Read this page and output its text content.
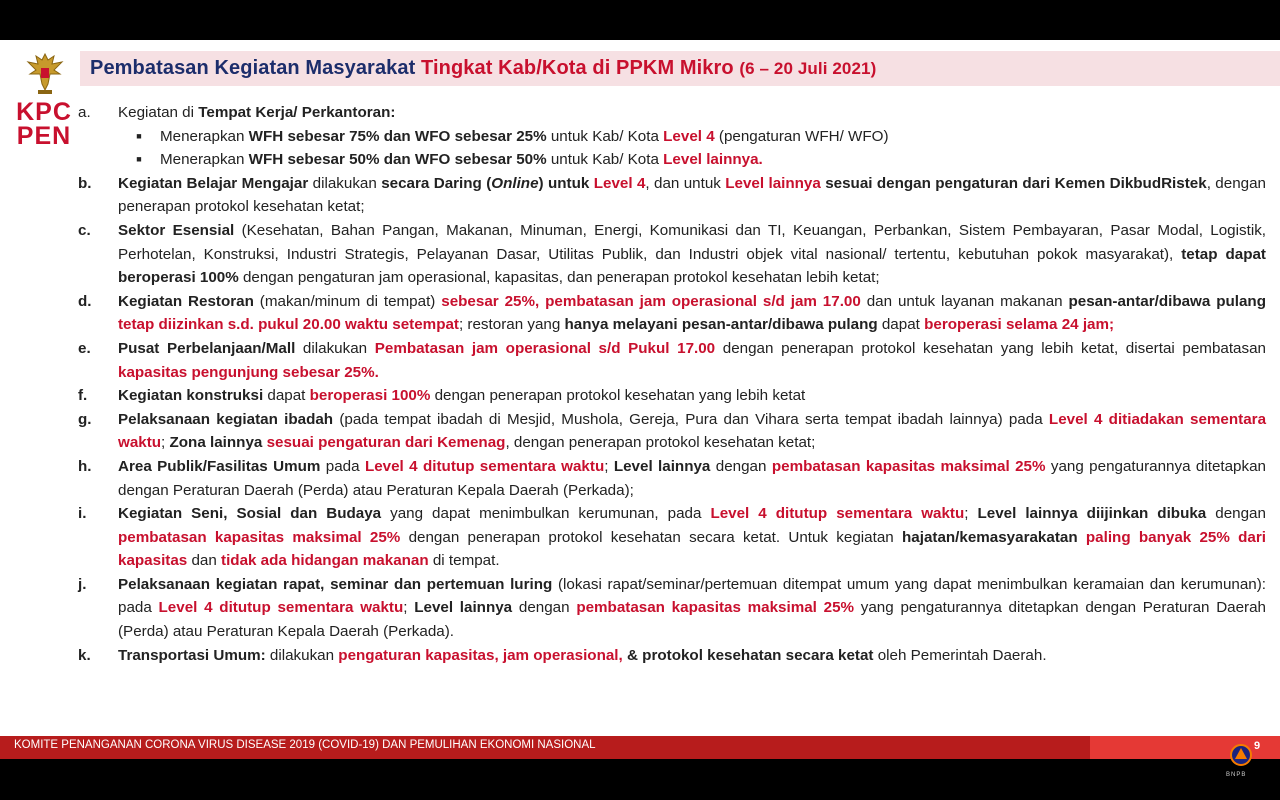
Pembatasan Kegiatan Masyarakat Tingkat Kab/Kota di PPKM Mikro (6 – 20 Juli 2021)
KPC
PEN
a.	Kegiatan di Tempat Kerja/ Perkantoran:
■	Menerapkan WFH sebesar 75% dan WFO sebesar 25% untuk Kab/ Kota Level 4 (pengaturan WFH/ WFO)
■	Menerapkan WFH sebesar 50% dan WFO sebesar 50% untuk Kab/ Kota Level lainnya.
b.	Kegiatan Belajar Mengajar dilakukan secara Daring (Online) untuk Level 4, dan untuk Level lainnya sesuai dengan pengaturan dari Kemen DikbudRistek, dengan penerapan protokol kesehatan ketat;
c.	Sektor Esensial (Kesehatan, Bahan Pangan, Makanan, Minuman, Energi, Komunikasi dan TI, Keuangan, Perbankan, Sistem Pembayaran, Pasar Modal, Logistik, Perhotelan, Konstruksi, Industri Strategis, Pelayanan Dasar, Utilitas Publik, dan Industri objek vital nasional/ tertentu, kebutuhan pokok masyarakat), tetap dapat beroperasi 100% dengan pengaturan jam operasional, kapasitas, dan penerapan protokol kesehatan lebih ketat;
d.	Kegiatan Restoran (makan/minum di tempat) sebesar 25%, pembatasan jam operasional s/d jam 17.00 dan untuk layanan makanan pesan-antar/dibawa pulang tetap diizinkan s.d. pukul 20.00 waktu setempat; restoran yang hanya melayani pesan-antar/dibawa pulang dapat beroperasi selama 24 jam;
e.	Pusat Perbelanjaan/Mall dilakukan Pembatasan jam operasional s/d Pukul 17.00 dengan penerapan protokol kesehatan yang lebih ketat, disertai pembatasan kapasitas pengunjung sebesar 25%.
f.	Kegiatan konstruksi dapat beroperasi 100% dengan penerapan protokol kesehatan yang lebih ketat
g.	Pelaksanaan kegiatan ibadah (pada tempat ibadah di Mesjid, Mushola, Gereja, Pura dan Vihara serta tempat ibadah lainnya) pada Level 4 ditiadakan sementara waktu; Zona lainnya sesuai pengaturan dari Kemenag, dengan penerapan protokol kesehatan ketat;
h.	Area Publik/Fasilitas Umum pada Level 4 ditutup sementara waktu; Level lainnya dengan pembatasan kapasitas maksimal 25% yang pengaturannya ditetapkan dengan Peraturan Daerah (Perda) atau Peraturan Kepala Daerah (Perkada);
i.	Kegiatan Seni, Sosial dan Budaya yang dapat menimbulkan kerumunan, pada Level 4 ditutup sementara waktu; Level lainnya diijinkan dibuka dengan pembatasan kapasitas maksimal 25% dengan penerapan protokol kesehatan secara ketat. Untuk kegiatan hajatan/kemasyarakatan paling banyak 25% dari kapasitas dan tidak ada hidangan makanan di tempat.
j.	Pelaksanaan kegiatan rapat, seminar dan pertemuan luring (lokasi rapat/seminar/pertemuan ditempat umum yang dapat menimbulkan keramaian dan kerumunan): pada Level 4 ditutup sementara waktu; Level lainnya dengan pembatasan kapasitas maksimal 25% yang pengaturannya ditetapkan dengan Peraturan Daerah (Perda) atau Peraturan Kepala Daerah (Perkada).
k.	Transportasi Umum: dilakukan pengaturan kapasitas, jam operasional, & protokol kesehatan secara ketat oleh Pemerintah Daerah.
KOMITE PENANGANAN CORONA VIRUS DISEASE 2019 (COVID-19) DAN PEMULIHAN EKONOMI NASIONAL	9
BNPB
